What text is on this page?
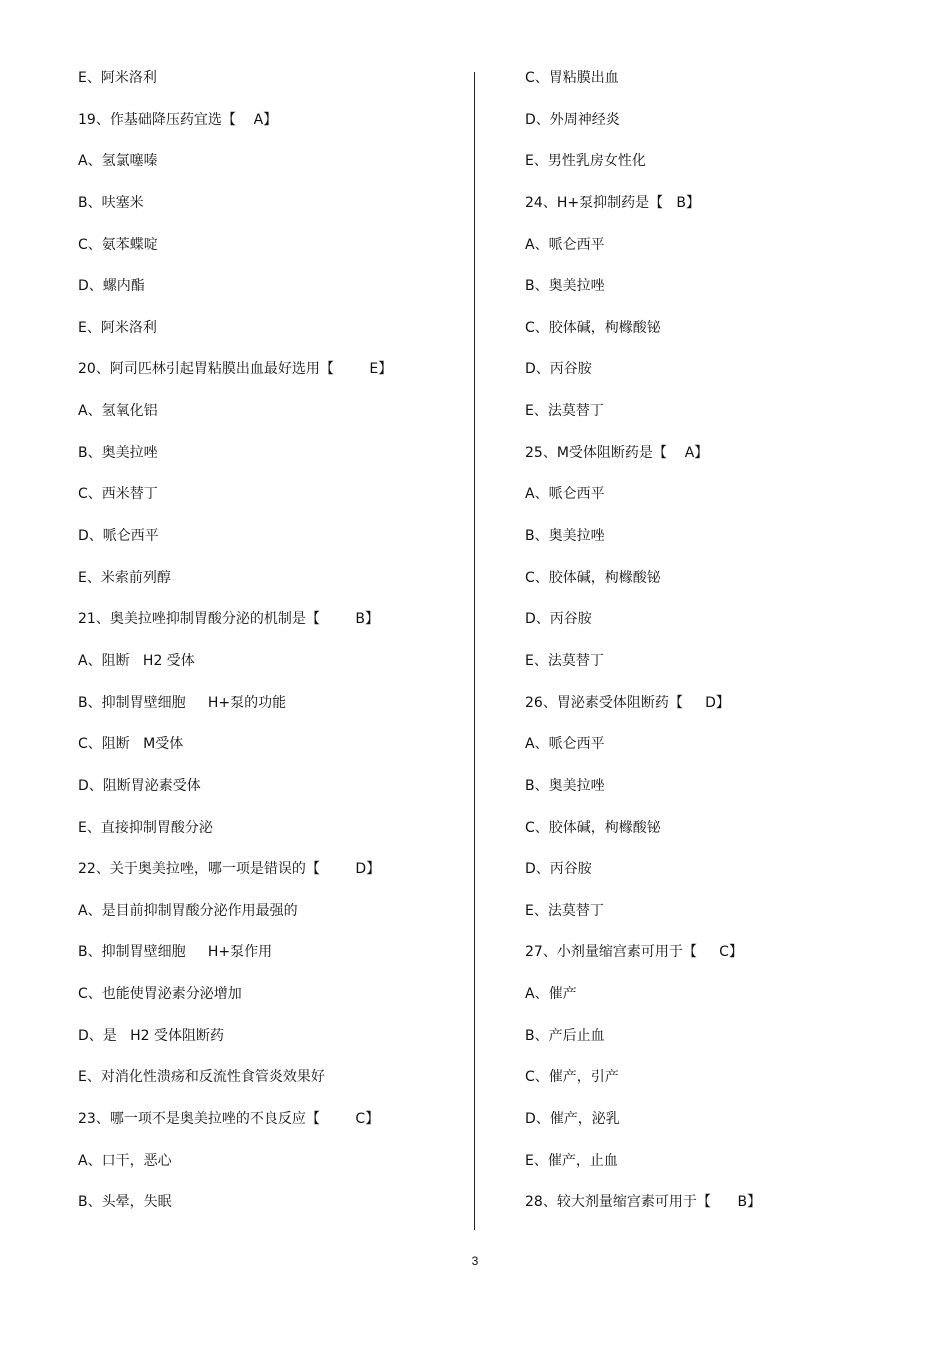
E、阿米洛利
19、作基础降压药宜选【    A】
A、氢氯噻嗪
B、呋塞米
C、氨苯蝶啶
D、螺内酯
E、阿米洛利
20、阿司匹林引起胃粘膜出血最好选用【        E】
A、氢氧化铝
B、奥美拉唑
C、西米替丁
D、哌仑西平
E、米索前列醇
21、奥美拉唑抑制胃酸分泌的机制是【        B】
A、阻断   H2 受体
B、抑制胃壁细胞     H+泵的功能
C、阻断   M受体
D、阻断胃泌素受体
E、直接抑制胃酸分泌
22、关于奥美拉唑，哪一项是错误的【        D】
A、是目前抑制胃酸分泌作用最强的
B、抑制胃壁细胞     H+泵作用
C、也能使胃泌素分泌增加
D、是   H2 受体阻断药
E、对消化性溃疡和反流性食管炎效果好
23、哪一项不是奥美拉唑的不良反应【        C】
A、口干，恶心
B、头晕，失眠
C、胃粘膜出血
D、外周神经炎
E、男性乳房女性化
24、H+泵抑制药是【   B】
A、哌仑西平
B、奥美拉唑
C、胶体碱，枸橼酸铋
D、丙谷胺
E、法莫替丁
25、M受体阻断药是【    A】
A、哌仑西平
B、奥美拉唑
C、胶体碱，枸橼酸铋
D、丙谷胺
E、法莫替丁
26、胃泌素受体阻断药【     D】
A、哌仑西平
B、奥美拉唑
C、胶体碱，枸橼酸铋
D、丙谷胺
E、法莫替丁
27、小剂量缩宫素可用于【     C】
A、催产
B、产后止血
C、催产，引产
D、催产，泌乳
E、催产，止血
28、较大剂量缩宫素可用于【      B】
3
